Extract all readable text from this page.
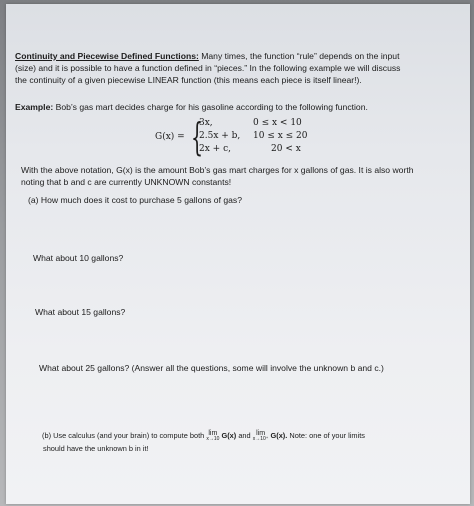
Continuity and Piecewise Defined Functions: Many times, the function “rule” depends on the input
(size) and it is possible to have a function defined in “pieces.” In the following example we will discuss
the continuity of a given piecewise LINEAR function (this means each piece is itself linear!).
Example: Bob’s gas mart decides charge for his gasoline according to the following function.
G(x) = {
3x,	0 ≤ x < 10
2.5x + b, 10 ≤ x ≤ 20
2x + c,	20 < x
With the above notation, G(x) is the amount Bob’s gas mart charges for x gallons of gas. It is also worth
noting that b and c are currently UNKNOWN constants!
(a) How much does it cost to purchase 5 gallons of gas?
What about 10 gallons?
What about 15 gallons?
What about 25 gallons? (Answer all the questions, some will involve the unknown b and c.)
(b) Use calculus (and your brain) to compute both lim
x→10 G(x) and lim
x→10⁺ G(x). Note: one of your limits
should have the unknown b in it!
